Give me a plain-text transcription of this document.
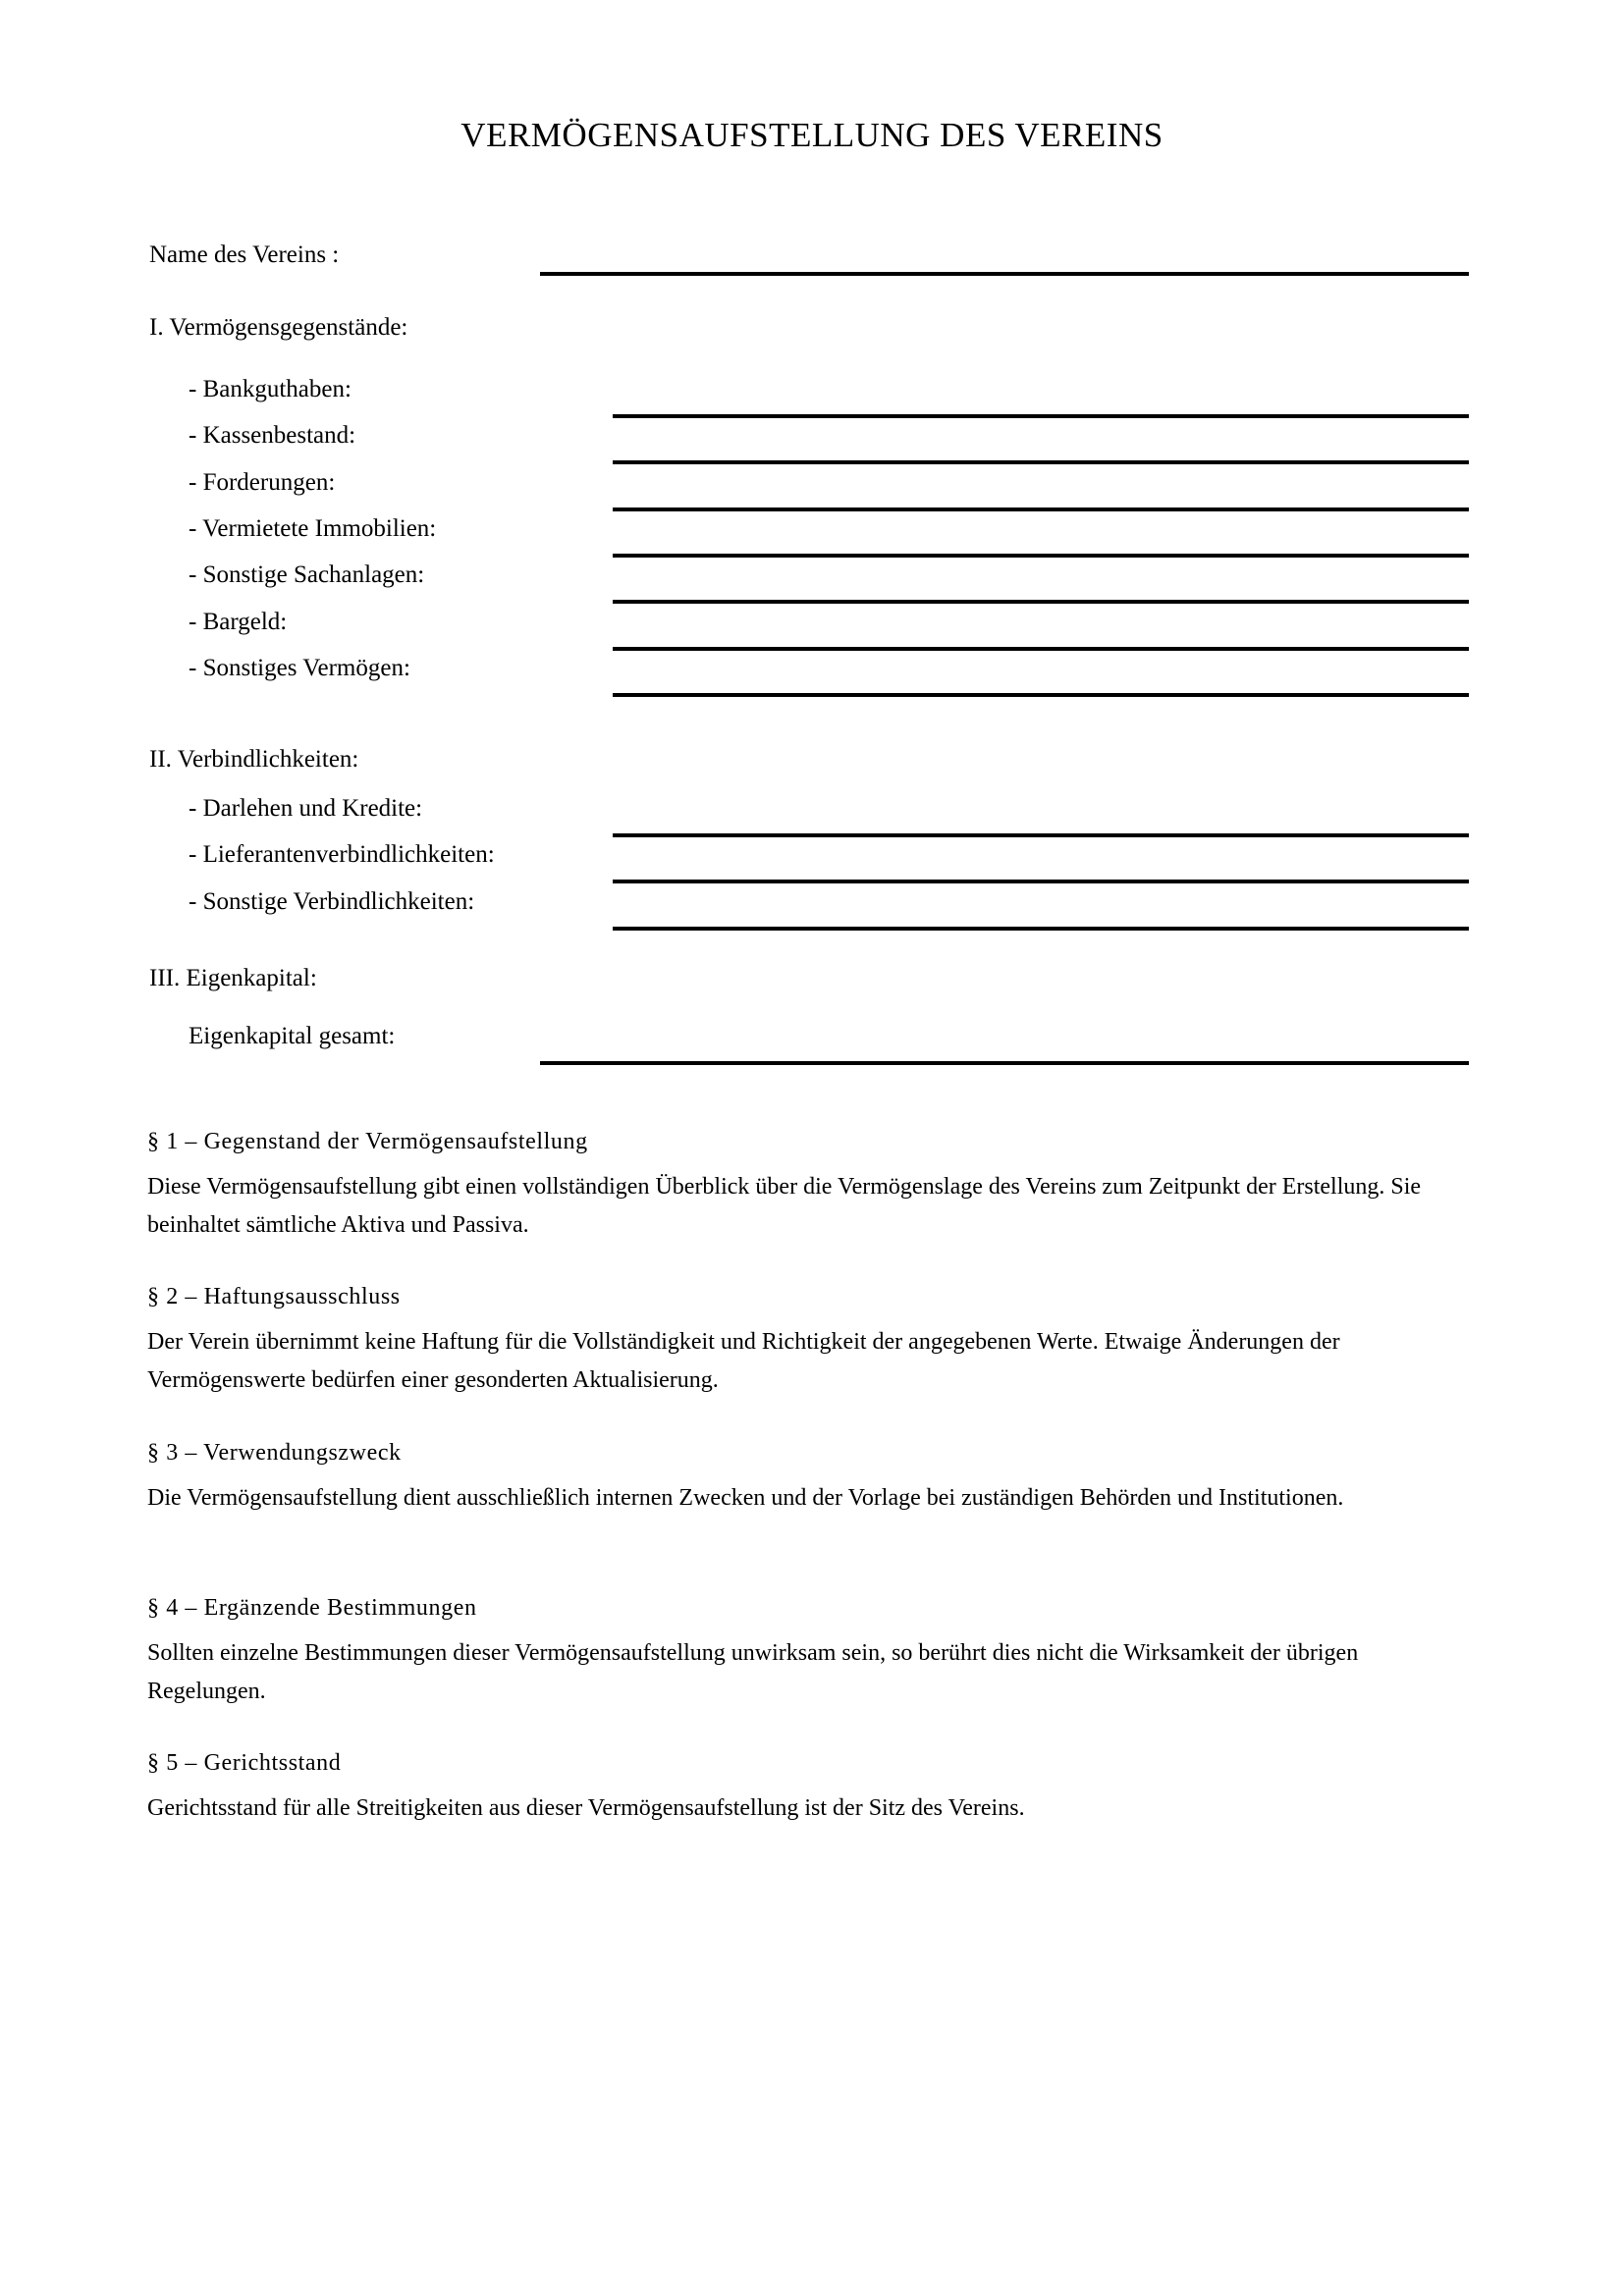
VERMÖGENSAUFSTELLUNG DES VEREINS
Name des Vereins :
I. Vermögensgegenstände:
- Bankguthaben:
- Kassenbestand:
- Forderungen:
- Vermietete Immobilien:
- Sonstige Sachanlagen:
- Bargeld:
- Sonstiges Vermögen:
II. Verbindlichkeiten:
- Darlehen und Kredite:
- Lieferantenverbindlichkeiten:
- Sonstige Verbindlichkeiten:
III. Eigenkapital:
Eigenkapital gesamt:

§ 1 – Gegenstand der Vermögensaufstellung

Diese Vermögensaufstellung gibt einen vollständigen Überblick über die Vermögenslage des Vereins zum Zeitpunkt der Erstellung. Sie beinhaltet sämtliche Aktiva und Passiva.

§ 2 – Haftungsausschluss

Der Verein übernimmt keine Haftung für die Vollständigkeit und Richtigkeit der angegebenen Werte. Etwaige Änderungen der Vermögenswerte bedürfen einer gesonderten Aktualisierung.

§ 3 – Verwendungszweck

Die Vermögensaufstellung dient ausschließlich internen Zwecken und der Vorlage bei zuständigen Behörden und Institutionen.

§ 4 – Ergänzende Bestimmungen

Sollten einzelne Bestimmungen dieser Vermögensaufstellung unwirksam sein, so berührt dies nicht die Wirksamkeit der übrigen Regelungen.

§ 5 – Gerichtsstand

Gerichtsstand für alle Streitigkeiten aus dieser Vermögensaufstellung ist der Sitz des Vereins.
